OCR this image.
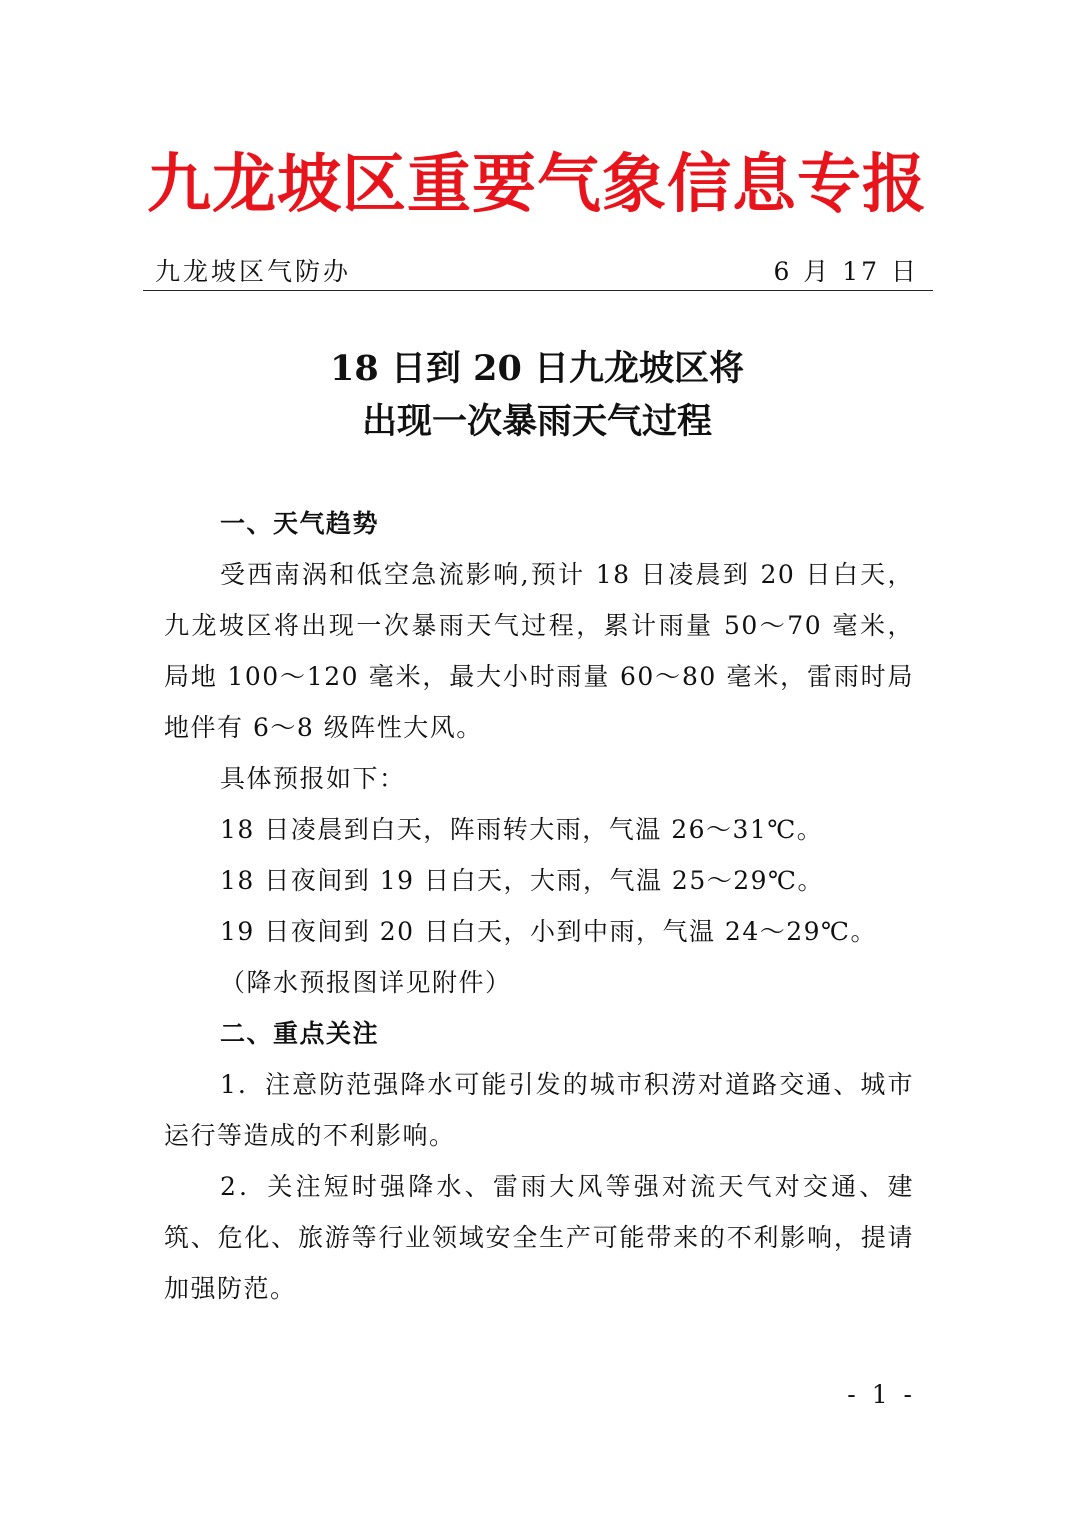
九龙坡区重要气象信息专报
九龙坡区气防办	6 月 17 日
18 日到 20 日九龙坡区将
出现一次暴雨天气过程

一、天气趋势

受西南涡和低空急流影响,预计 18 日凌晨到 20 日白天，九龙坡区将出现一次暴雨天气过程，累计雨量 50～70 毫米，局地 100～120 毫米，最大小时雨量 60～80 毫米，雷雨时局地伴有 6～8 级阵性大风。

具体预报如下：

18 日凌晨到白天，阵雨转大雨，气温 26～31℃。

18 日夜间到 19 日白天，大雨，气温 25～29℃。

19 日夜间到 20 日白天，小到中雨，气温 24～29℃。

（降水预报图详见附件）

二、重点关注

1．注意防范强降水可能引发的城市积涝对道路交通、城市运行等造成的不利影响。

2．关注短时强降水、雷雨大风等强对流天气对交通、建筑、危化、旅游等行业领域安全生产可能带来的不利影响，提请加强防范。

- 1 -
